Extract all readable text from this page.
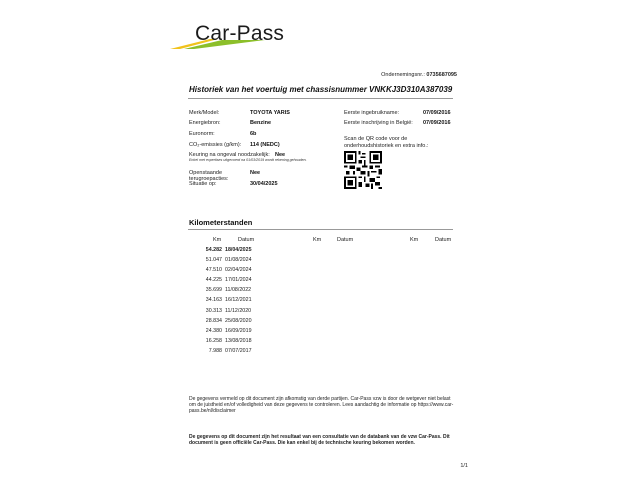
Car-Pass
Ondernemingsnr.: 0735687095
Historiek van het voertuig met chassisnummer VNKKJ3D310A387039
Merk/Model:	TOYOTA YARIS
Energiebron:	Benzine
Euronorm:	6b
CO₂-emissies (g/km): 114 (NEDC)
Keuring na ongeval noodzakelijk: Nee
Enkel met expertises uitgevoerd na 01/03/2019 wordt rekening gehouden.
Openstaande terugroepacties:
Nee
Situatie op:	30/04/2025
Eerste ingebruikname:	07/09/2016
Eerste inschrijving in België: 07/09/2016
Scan de QR code voor de onderhoudshistoriek en extra info.:
Kilometerstanden
Km	Datum	Km	Datum	Km	Datum
54.282 18/04/2025
51.047 01/08/2024
47.510 02/04/2024
44.225 17/01/2024
35.699 11/08/2022
34.163 16/12/2021
30.313 11/12/2020
28.834 25/08/2020
24.380 16/09/2019
16.258 13/08/2018
7.988 07/07/2017
De gegevens vermeld op dit document zijn afkomstig van derde partijen. Car-Pass vzw is door de wetgever niet belast om de juistheid en/of volledigheid van deze gegevens te controleren. Lees aandachtig de informatie op https://www.car-pass.be/nl/disclaimer
De gegevens op dit document zijn het resultaat van een consultatie van de databank van de vzw Car-Pass. Dit document is geen officiële Car-Pass. Die kan enkel bij de technische keuring bekomen worden.
1/1
